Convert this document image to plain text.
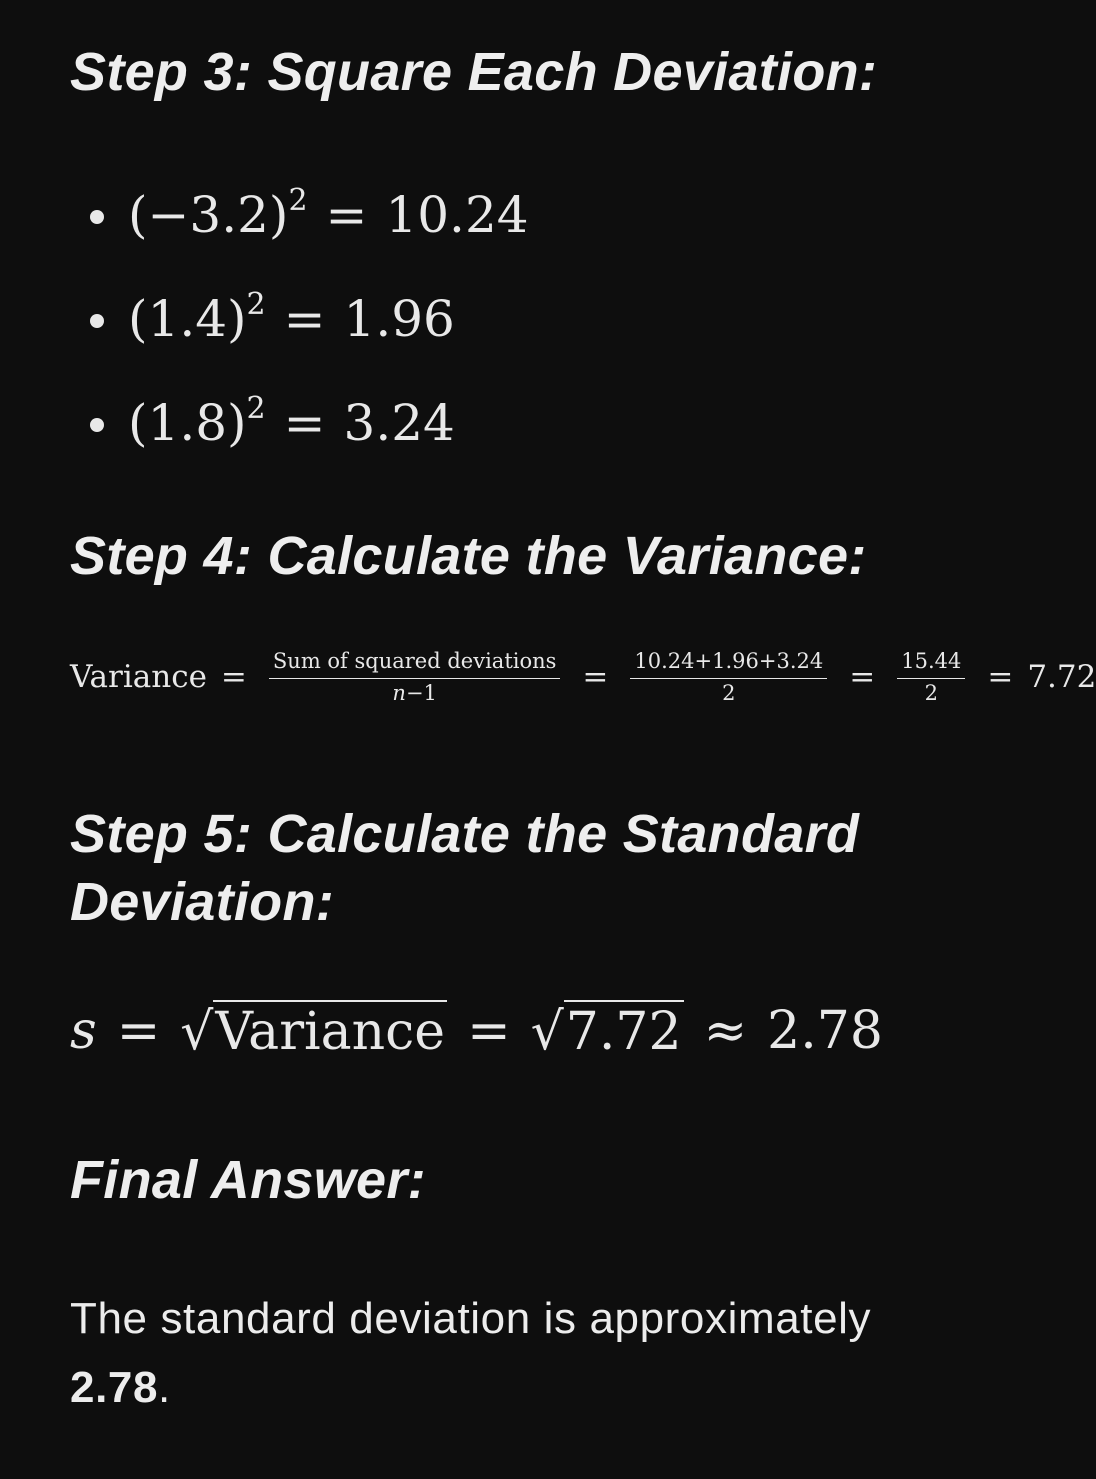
Step 3: Square Each Deviation:
$(-3.2)^2 = 10.24$
$(1.4)^2 = 1.96$
$(1.8)^2 = 3.24$
Step 4: Calculate the Variance:
Variance = $\frac{\text{Sum of squared deviations}}{n-1} = \frac{10.24+1.96+3.24}{2} = \frac{15.44}{2} = 7.72$
Step 5: Calculate the Standard
Deviation:
s = √ Variance = √ 7.72 ≈ 2.78
Final Answer:

The standard deviation is approximately
2.78.
